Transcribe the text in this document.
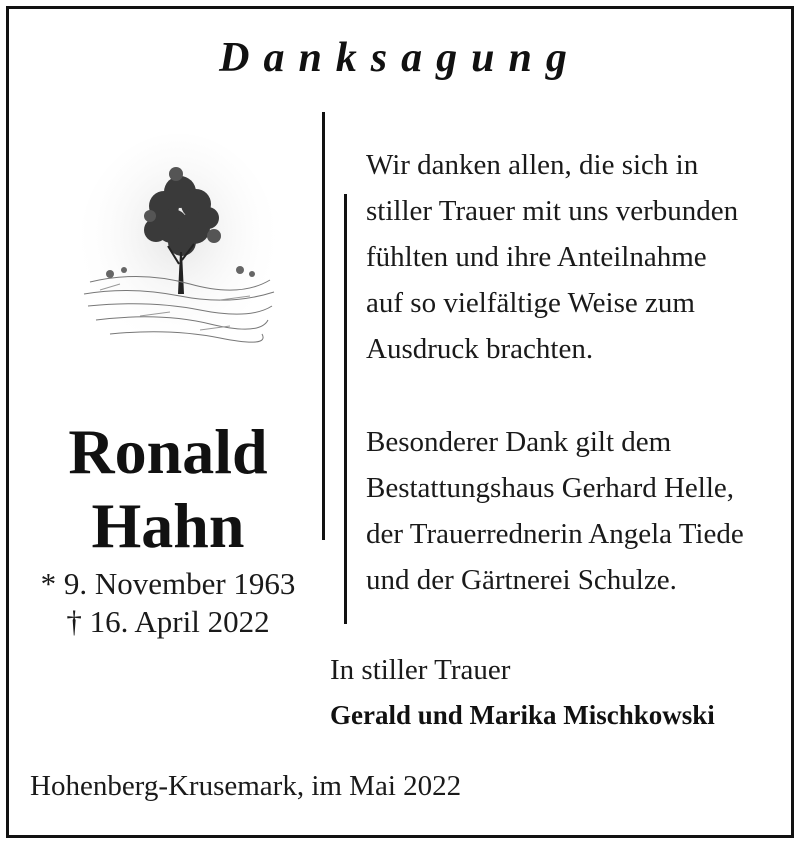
Danksagung
Ronald
Hahn
* 9. November 1963
† 16. April 2022
Wir danken allen, die sich in
stiller Trauer mit uns verbunden
fühlten und ihre Anteilnahme
auf so vielfältige Weise zum
Ausdruck brachten.
Besonderer Dank gilt dem
Bestattungshaus Gerhard Helle,
der Trauerrednerin Angela Tiede
und der Gärtnerei Schulze.
In stiller Trauer
Gerald und Marika Mischkowski
Hohenberg-Krusemark, im Mai 2022
